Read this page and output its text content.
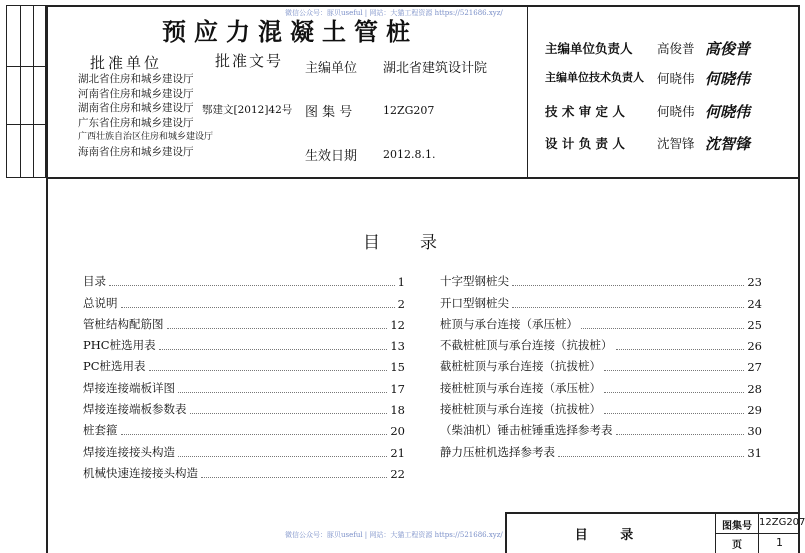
微信公众号：豚贝useful | 网站：大猫工程资源 https://521686.xyz/
预应力混凝土管桩
批准单位
湖北省住房和城乡建设厅
河南省住房和城乡建设厅
湖南省住房和城乡建设厅
广东省住房和城乡建设厅
广西壮族自治区住房和城乡建设厅
海南省住房和城乡建设厅
批准文号
鄂建文[2012]42号
主编单位 湖北省建筑设计院
图 集 号	12ZG207
生效日期 2012.8.1.
主编单位负责人 高俊普 高俊普
主编单位技术负责人 何晓伟 何晓伟
技 术 审 定 人	何晓伟 何晓伟
设 计 负 责 人	沈智锋 沈智锋
目录
目录	1
总说明	2
管桩结构配筋图	12
PHC桩选用表	13
PC桩选用表	15
焊接连接端板详图	17
焊接连接端板参数表	18
桩套箍	20
焊接连接接头构造	21
机械快速连接接头构造	22
十字型钢桩尖	23
开口型钢桩尖	24
桩顶与承台连接（承压桩）	25
不截桩桩顶与承台连接（抗拔桩）	26
截桩桩顶与承台连接（抗拔桩）	27
接桩桩顶与承台连接（承压桩）	28
接桩桩顶与承台连接（抗拔桩）	29
（柴油机）锤击桩锤重选择参考表	30
静力压桩机选择参考表	31
微信公众号：豚贝useful | 网站：大猫工程资源 https://521686.xyz/	目 录
图集号 12ZG207
页	1
